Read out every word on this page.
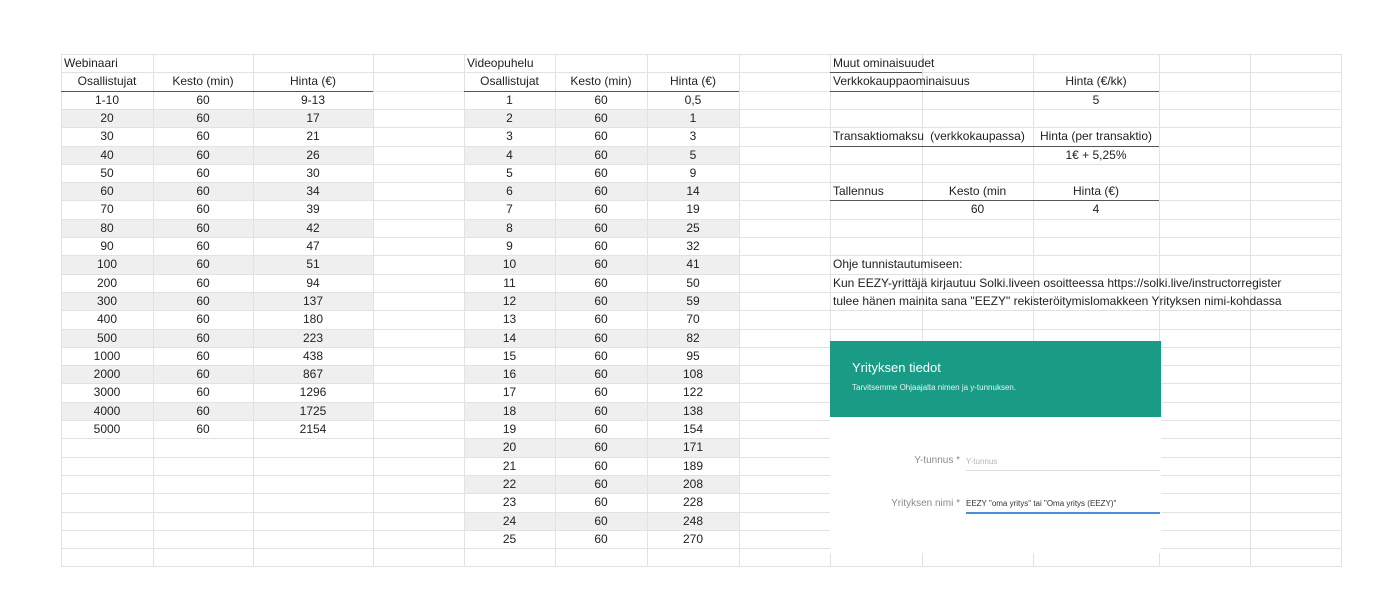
Webinaari
Osallistujat	Kesto (min)	Hinta (€)
1-10	60	9-13
20	60	17
30	60	21
40	60	26
50	60	30
60	60	34
70	60	39
80	60	42
90	60	47
100	60	51
200	60	94
300	60	137
400	60	180
500	60	223
1000	60	438
2000	60	867
3000	60	1296
4000	60	1725
5000	60	2154
Videopuhelu
Osallistujat	Kesto (min)	Hinta (€)
1	60	0,5
2	60	1
3	60	3
4	60	5
5	60	9
6	60	14
7	60	19
8	60	25
9	60	32
10	60	41
11	60	50
12	60	59
13	60	70
14	60	82
15	60	95
16	60	108
17	60	122
18	60	138
19	60	154
20	60	171
21	60	189
22	60	208
23	60	228
24	60	248
25	60	270
Muut ominaisuudet
Verkkokauppaominaisuus	Hinta (€/kk)
5
Transaktiomaksu (verkkokaupassa)	Hinta (per transaktio)
1€ + 5,25%
Tallennus	Kesto (min	Hinta (€)
60	4
Ohje tunnistautumiseen:
Kun EEZY-yrittäjä kirjautuu Solki.liveen osoitteessa https://solki.live/instructorregister
tulee hänen mainita sana "EEZY" rekisteröitymislomakkeen Yrityksen nimi-kohdassa
Yrityksen tiedot
Tarvitsemme Ohjaajalta nimen ja y-tunnuksen.
Y-tunnus *
Y-tunnus
Yrityksen nimi *
EEZY "oma yritys" tai "Oma yritys (EEZY)"
